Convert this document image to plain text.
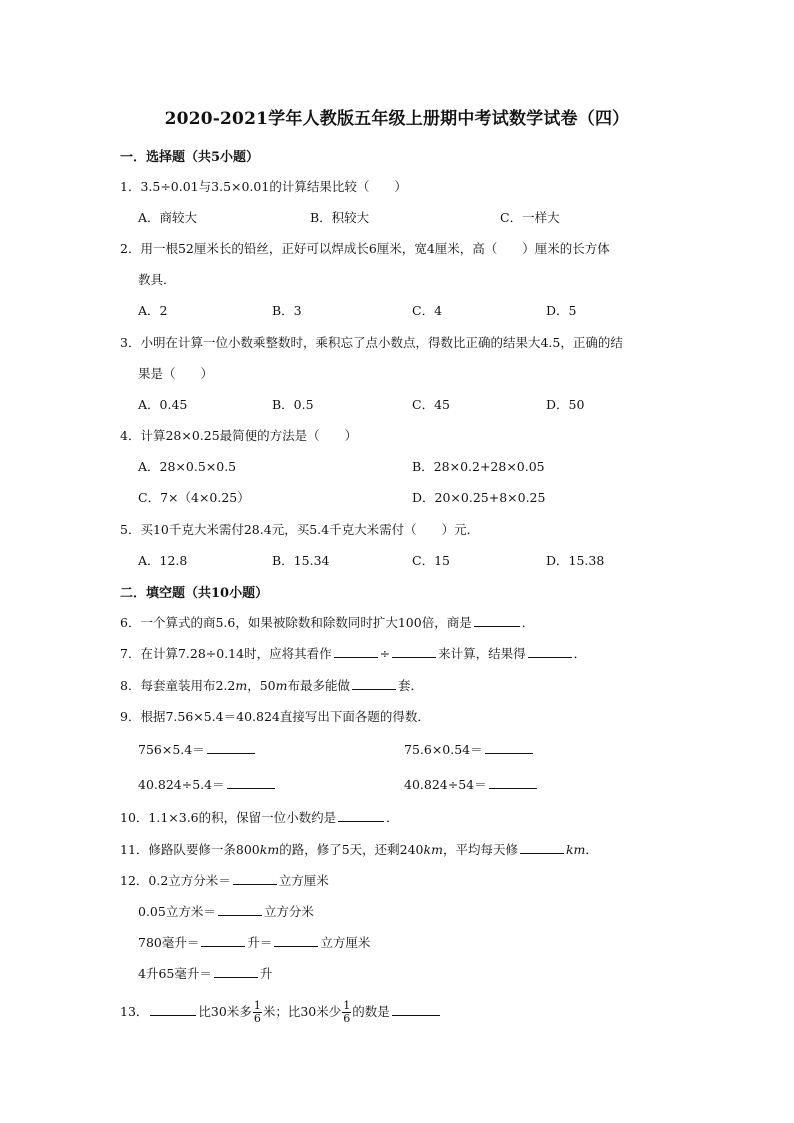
2020-2021学年人教版五年级上册期中考试数学试卷（四）
一．选择题（共5小题）
1．3.5÷0.01与3.5×0.01的计算结果比较（　　）
A．商较大	B．积较大	C．一样大
2．用一根52厘米长的铅丝，正好可以焊成长6厘米，宽4厘米，高（　　）厘米的长方体
教具．
A．2	B．3	C．4	D．5
3．小明在计算一位小数乘整数时，乘积忘了点小数点，得数比正确的结果大4.5，正确的结
果是（　　）
A．0.45	B．0.5	C．45	D．50
4．计算28×0.25最简便的方法是（　　）
A．28×0.5×0.5	B．28×0.2+28×0.05
C．7×（4×0.25）	D．20×0.25+8×0.25
5．买10千克大米需付28.4元，买5.4千克大米需付（　　）元．
A．12.8	B．15.34	C．15	D．15.38
二．填空题（共10小题）
6．一个算式的商5.6，如果被除数和除数同时扩大100倍，商是	．
7．在计算7.28÷0.14时，应将其看作	÷	来计算，结果得	．
8．每套童装用布2.2m，50m布最多能做	套．
9．根据7.56×5.4＝40.824直接写出下面各题的得数．
756×5.4＝	75.6×0.54＝
40.824÷5.4＝	40.824÷54＝
10．1.1×3.6的积，保留一位小数约是	．
11．修路队要修一条800km的路，修了5天，还剩240km，平均每天修	km．
12．0.2立方分米＝	立方厘米
0.05立方米＝	立方分米
780毫升＝	升＝	立方厘米
4升65毫升＝	升
13．	比30米多 $\frac{1}{6}$ 米；比30米少 $\frac{1}{6}$ 的数是
